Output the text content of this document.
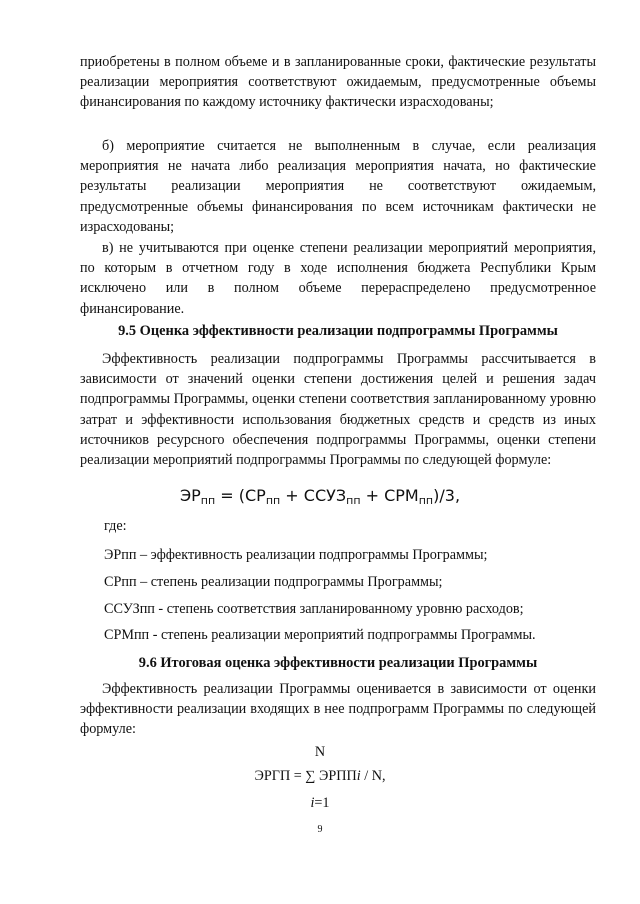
приобретены в полном объеме и в запланированные сроки, фактические результаты реализации мероприятия соответствуют ожидаемым, предусмотренные объемы финансирования по каждому источнику фактически израсходованы;

б) мероприятие считается не выполненным в случае, если реализация мероприятия не начата либо реализация мероприятия начата, но фактические результаты реализации мероприятия не соответствуют ожидаемым, предусмотренные объемы финансирования по всем источникам фактически не израсходованы;

в) не учитываются при оценке степени реализации мероприятий мероприятия, по которым в отчетном году в ходе исполнения бюджета Республики Крым исключено или в полном объеме перераспределено предусмотренное финансирование.

9.5 Оценка эффективности реализации подпрограммы Программы

Эффективность реализации подпрограммы Программы рассчитывается в зависимости от значений оценки степени достижения целей и решения задач подпрограммы Программы, оценки степени соответствия запланированному уровню затрат и эффективности использования бюджетных средств и средств из иных источников ресурсного обеспечения подпрограммы Программы, оценки степени реализации мероприятий подпрограммы Программы по следующей формуле:

$ЭР_{пп} = (СР_{пп}$ + $ССУЗ_{пп} + СРМ_{пп})/3$,

где:

ЭРпп – эффективность реализации подпрограммы Программы;

СРпп – степень реализации подпрограммы Программы;

ССУЗпп - степень соответствия запланированному уровню расходов;

СРМпп - степень реализации мероприятий подпрограммы Программы.

9.6 Итоговая оценка эффективности реализации Программы

Эффективность реализации Программы оценивается в зависимости от оценки эффективности реализации входящих в нее подпрограмм Программы по следующей формуле:

N
ЭРГП = ∑ ЭРППi / N,
i=1
9
